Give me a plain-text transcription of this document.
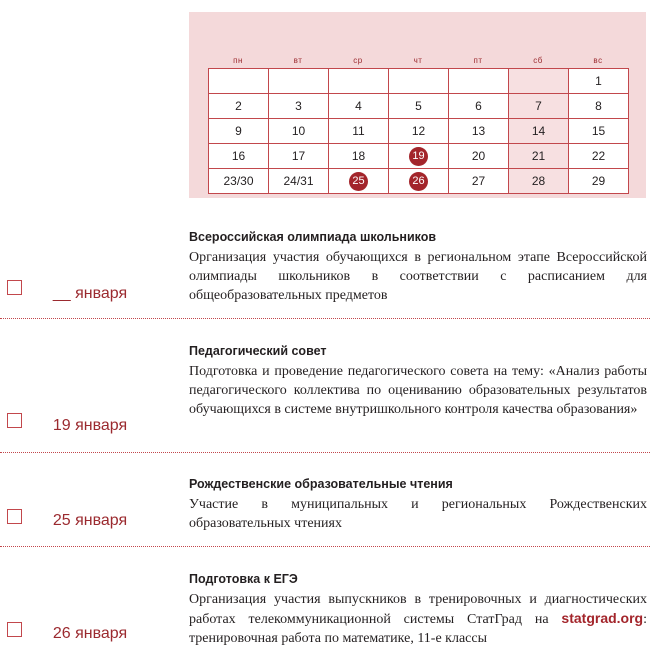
пн	вт	ср	чт	пт	сб	вс
						1
2	3	4	5	6	7	8
9	10	11	12	13	14	15
16	17	18	19	20	21	22
23/30	24/31	25	26	27	28	29
Всероссийская олимпиада школьников
Организация участия обучающихся в региональном этапе Всероссийской олимпиады школьников в соответствии с расписанием для общеобразовательных предметов
__ января
Педагогический совет
Подготовка и проведение педагогического совета на тему: «Анализ работы педагогического коллектива по оцениванию образовательных результатов обучающихся в системе внутришкольного контроля качества образования»
19 января
Рождественские образовательные чтения
Участие в муниципальных и региональных Рождественских образовательных чтениях
25 января
Подготовка к ЕГЭ
Организация участия выпускников в тренировочных и диагностических работах телекоммуникационной системы СтатГрад на statgrad.org: тренировочная работа по математике, 11-е классы
26 января
